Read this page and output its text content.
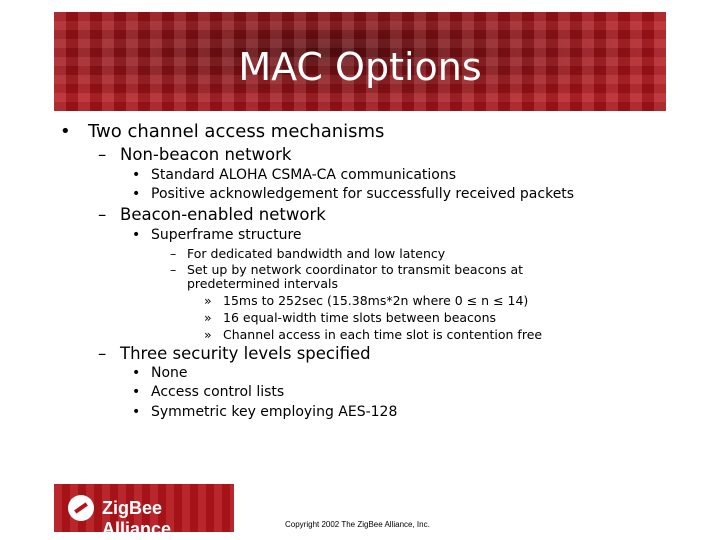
MAC Options
• Two channel access mechanisms
– Non-beacon network
• Standard ALOHA CSMA-CA communications
• Positive acknowledgement for successfully received packets
– Beacon-enabled network
• Superframe structure
– For dedicated bandwidth and low latency
– Set up by network coordinator to transmit beacons at
predetermined intervals
» 15ms to 252sec (15.38ms*2n where 0 ≤ n ≤ 14)
» 16 equal-width time slots between beacons
» Channel access in each time slot is contention free
– Three security levels specified
• None
• Access control lists
• Symmetric key employing AES-128
ZigBee Alliance	Copyright 2002 The ZigBee Alliance, Inc.
